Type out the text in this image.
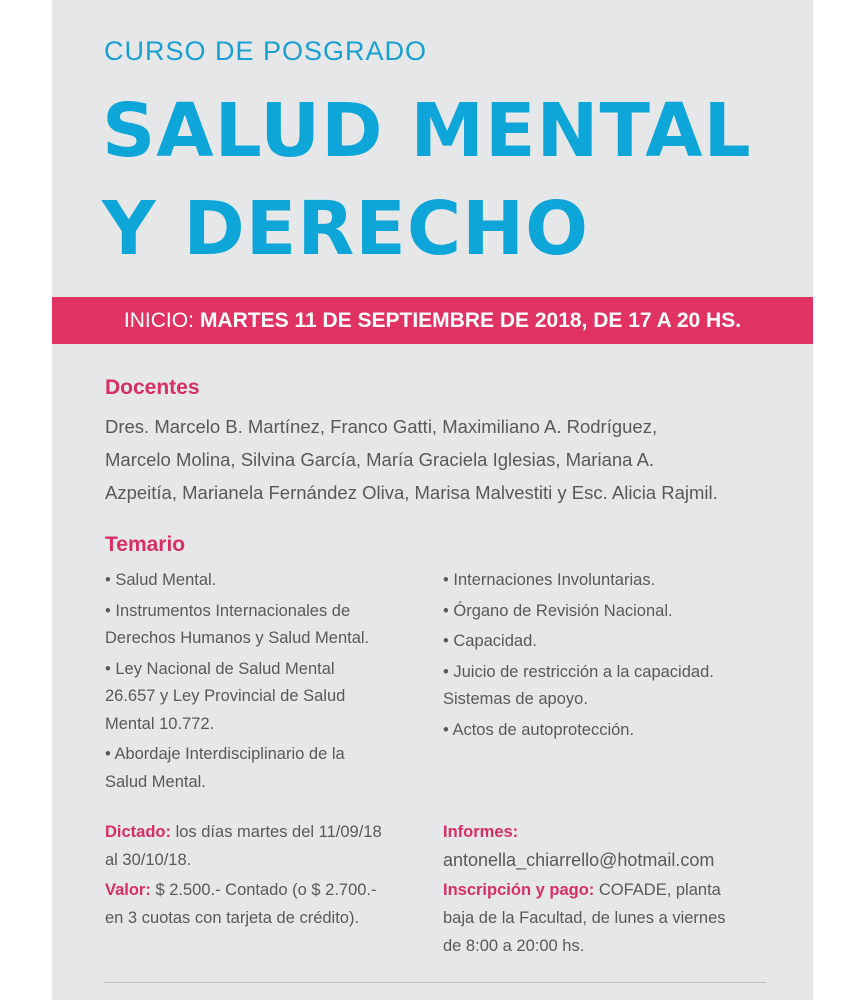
CURSO DE POSGRADO
SALUD MENTAL
Y DERECHO
INICIO: MARTES 11 DE SEPTIEMBRE DE 2018, DE 17 A 20 HS.
Docentes
Dres. Marcelo B. Martínez, Franco Gatti, Maximiliano A. Rodríguez,
Marcelo Molina, Silvina García, María Graciela Iglesias, Mariana A.
Azpeitía, Marianela Fernández Oliva, Marisa Malvestiti y Esc. Alicia Rajmil.
Temario
• Salud Mental.
• Instrumentos Internacionales de
Derechos Humanos y Salud Mental.
• Ley Nacional de Salud Mental
26.657 y Ley Provincial de Salud
Mental 10.772.
• Abordaje Interdisciplinario de la
Salud Mental.
• Internaciones Involuntarias.
• Órgano de Revisión Nacional.
• Capacidad.
• Juicio de restricción a la capacidad.
Sistemas de apoyo.
• Actos de autoprotección.
Dictado: los días martes del 11/09/18
al 30/10/18.
Valor: $ 2.500.- Contado (o $ 2.700.-
en 3 cuotas con tarjeta de crédito).
Informes:
antonella_chiarrello@hotmail.com
Inscripción y pago: COFADE, planta
baja de la Facultad, de lunes a viernes
de 8:00 a 20:00 hs.
